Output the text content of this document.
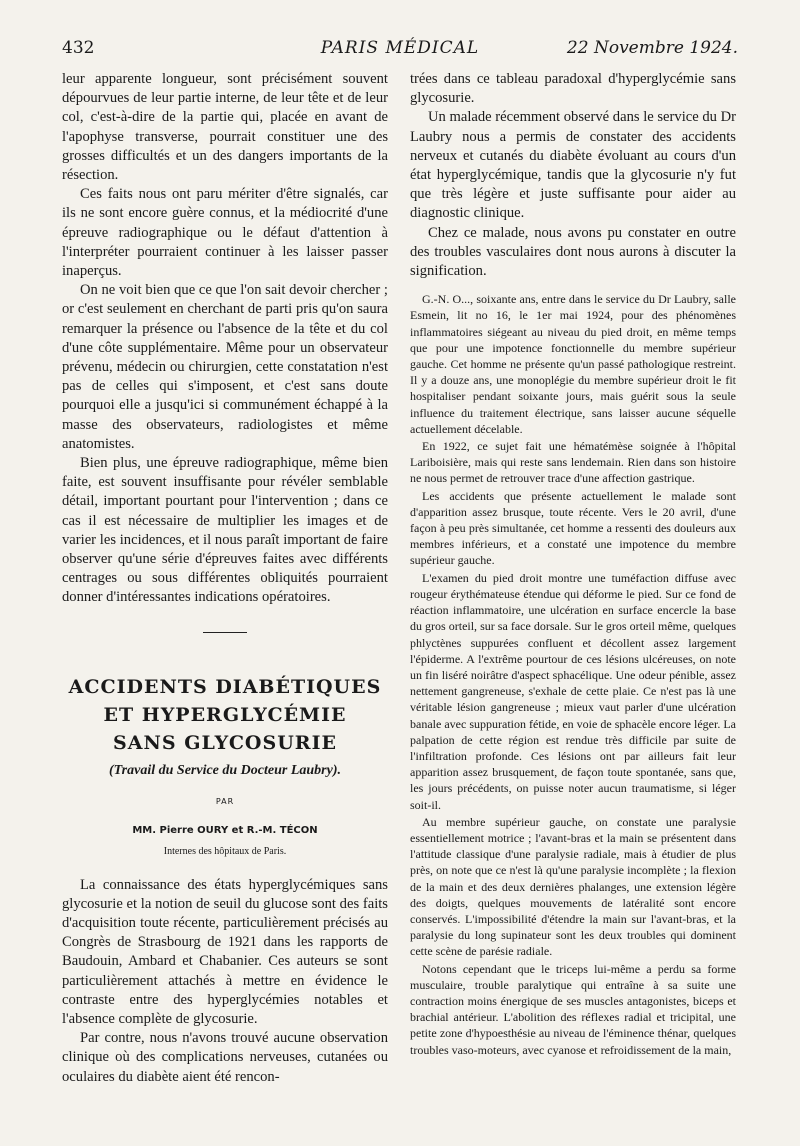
432	PARIS MÉDICAL	22 Novembre 1924.

leur apparente longueur, sont précisément souvent dépourvues de leur partie interne, de leur tête et de leur col, c'est-à-dire de la partie qui, placée en avant de l'apophyse transverse, pourrait constituer une des grosses difficultés et un des dangers importants de la résection.

Ces faits nous ont paru mériter d'être signalés, car ils ne sont encore guère connus, et la médiocrité d'une épreuve radiographique ou le défaut d'attention à l'interpréter pourraient continuer à les laisser passer inaperçus.

On ne voit bien que ce que l'on sait devoir chercher ; or c'est seulement en cherchant de parti pris qu'on saura remarquer la présence ou l'absence de la tête et du col d'une côte supplémentaire. Même pour un observateur prévenu, médecin ou chirurgien, cette constatation n'est pas de celles qui s'imposent, et c'est sans doute pourquoi elle a jusqu'ici si communément échappé à la masse des observateurs, radiologistes et même anatomistes.

Bien plus, une épreuve radiographique, même bien faite, est souvent insuffisante pour révéler semblable détail, important pourtant pour l'intervention ; dans ce cas il est nécessaire de multiplier les images et de varier les incidences, et il nous paraît important de faire observer qu'une série d'épreuves faites avec différents centrages ou sous différentes obliquités pourraient donner d'intéressantes indications opératoires.

ACCIDENTS DIABÉTIQUES
ET HYPERGLYCÉMIE
SANS GLYCOSURIE
(Travail du Service du Docteur Laubry).
PAR
MM. Pierre OURY et R.-M. TÉCON
Internes des hôpitaux de Paris.

La connaissance des états hyperglycémiques sans glycosurie et la notion de seuil du glucose sont des faits d'acquisition toute récente, particulièrement précisés au Congrès de Strasbourg de 1921 dans les rapports de Baudouin, Ambard et Chabanier. Ces auteurs se sont particulièrement attachés à mettre en évidence le contraste entre des hyperglycémies notables et l'absence complète de glycosurie.

Par contre, nous n'avons trouvé aucune observation clinique où des complications nerveuses, cutanées ou oculaires du diabète aient été rencon-

trées dans ce tableau paradoxal d'hyperglycémie sans glycosurie.

Un malade récemment observé dans le service du Dr Laubry nous a permis de constater des accidents nerveux et cutanés du diabète évoluant au cours d'un état hyperglycémique, tandis que la glycosurie n'y fut que très légère et juste suffisante pour aider au diagnostic clinique.

Chez ce malade, nous avons pu constater en outre des troubles vasculaires dont nous aurons à discuter la signification.

G.-N. O..., soixante ans, entre dans le service du Dr Laubry, salle Esmein, lit no 16, le 1er mai 1924, pour des phénomènes inflammatoires siégeant au niveau du pied droit, en même temps que pour une impotence fonctionnelle du membre supérieur gauche. Cet homme ne présente qu'un passé pathologique restreint. Il y a douze ans, une monoplégie du membre supérieur droit le fit hospitaliser pendant soixante jours, mais guérit sous la seule influence du traitement électrique, sans laisser aucune séquelle actuellement décelable.

En 1922, ce sujet fait une hématémèse soignée à l'hôpital Lariboisière, mais qui reste sans lendemain. Rien dans son histoire ne nous permet de retrouver trace d'une affection gastrique.

Les accidents que présente actuellement le malade sont d'apparition assez brusque, toute récente. Vers le 20 avril, d'une façon à peu près simultanée, cet homme a ressenti des douleurs aux membres inférieurs, et a constaté une impotence du membre supérieur gauche.

L'examen du pied droit montre une tuméfaction diffuse avec rougeur érythémateuse étendue qui déforme le pied. Sur ce fond de réaction inflammatoire, une ulcération en surface encercle la base du gros orteil, sur sa face dorsale. Sur le gros orteil même, quelques phlyctènes suppurées confluent et décollent assez largement l'épiderme. A l'extrême pourtour de ces lésions ulcéreuses, on note un fin liséré noirâtre d'aspect sphacélique. Une odeur pénible, assez nettement gangreneuse, s'exhale de cette plaie. Ce n'est pas là une véritable lésion gangreneuse ; mieux vaut parler d'une ulcération banale avec suppuration fétide, en voie de sphacèle encore léger. La palpation de cette région est rendue très difficile par suite de l'infiltration profonde. Ces lésions ont par ailleurs fait leur apparition assez brusquement, de façon toute spontanée, sans que, les jours précédents, on puisse noter aucun traumatisme, si léger soit-il.

Au membre supérieur gauche, on constate une paralysie essentiellement motrice ; l'avant-bras et la main se présentent dans l'attitude classique d'une paralysie radiale, mais à étudier de plus près, on note que ce n'est là qu'une paralysie incomplète ; la flexion de la main et des deux dernières phalanges, une extension légère des doigts, quelques mouvements de latéralité sont encore conservés. L'impossibilité d'étendre la main sur l'avant-bras, et la paralysie du long supinateur sont les deux troubles qui dominent cette scène de parésie radiale.

Notons cependant que le triceps lui-même a perdu sa forme musculaire, trouble paralytique qui entraîne à sa suite une contraction moins énergique de ses muscles antagonistes, biceps et brachial antérieur. L'abolition des réflexes radial et tricipital, une petite zone d'hypoesthésie au niveau de l'éminence thénar, quelques troubles vaso-moteurs, avec cyanose et refroidissement de la main,
